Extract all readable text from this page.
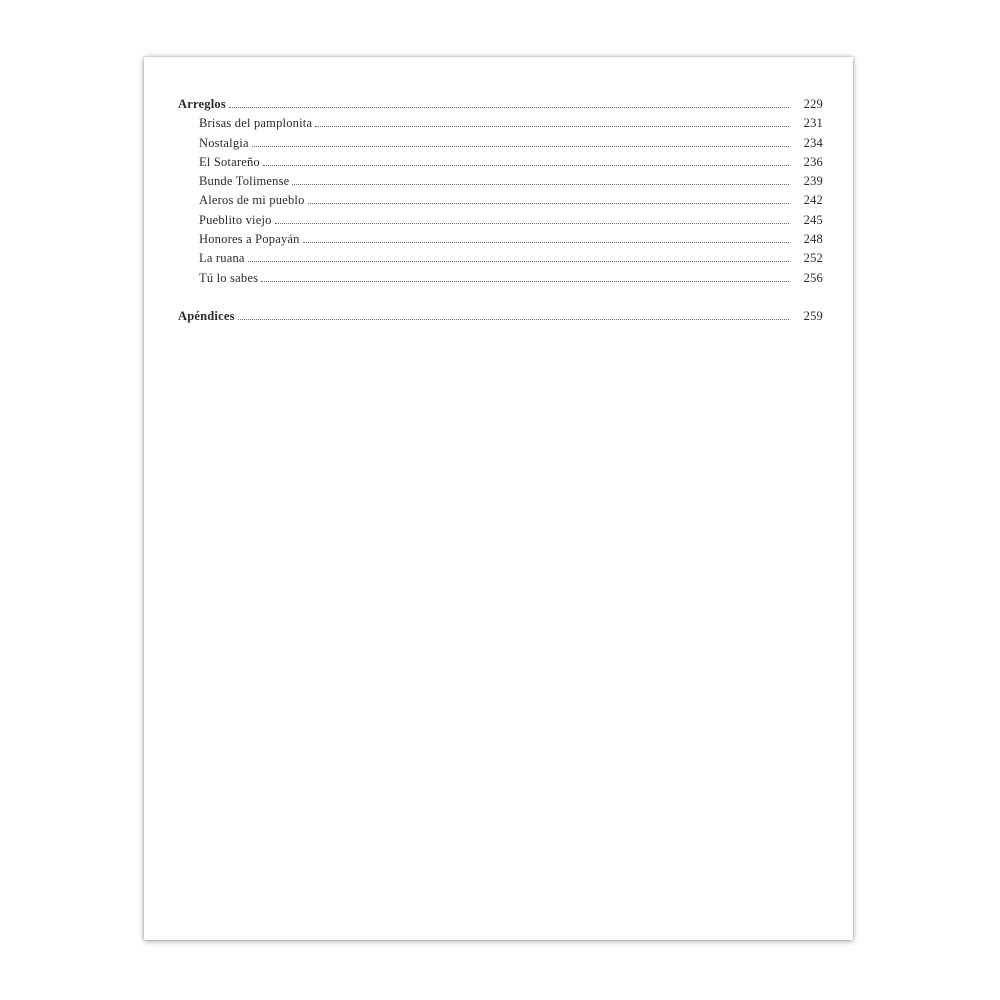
Arreglos	229
Brisas del pamplonita	231
Nostalgia	234
El Sotareño	236
Bunde Tolimense	239
Aleros de mi pueblo	242
Pueblito viejo	245
Honores a Popayán	248
La ruana	252
Tú lo sabes	256
Apéndices	259
